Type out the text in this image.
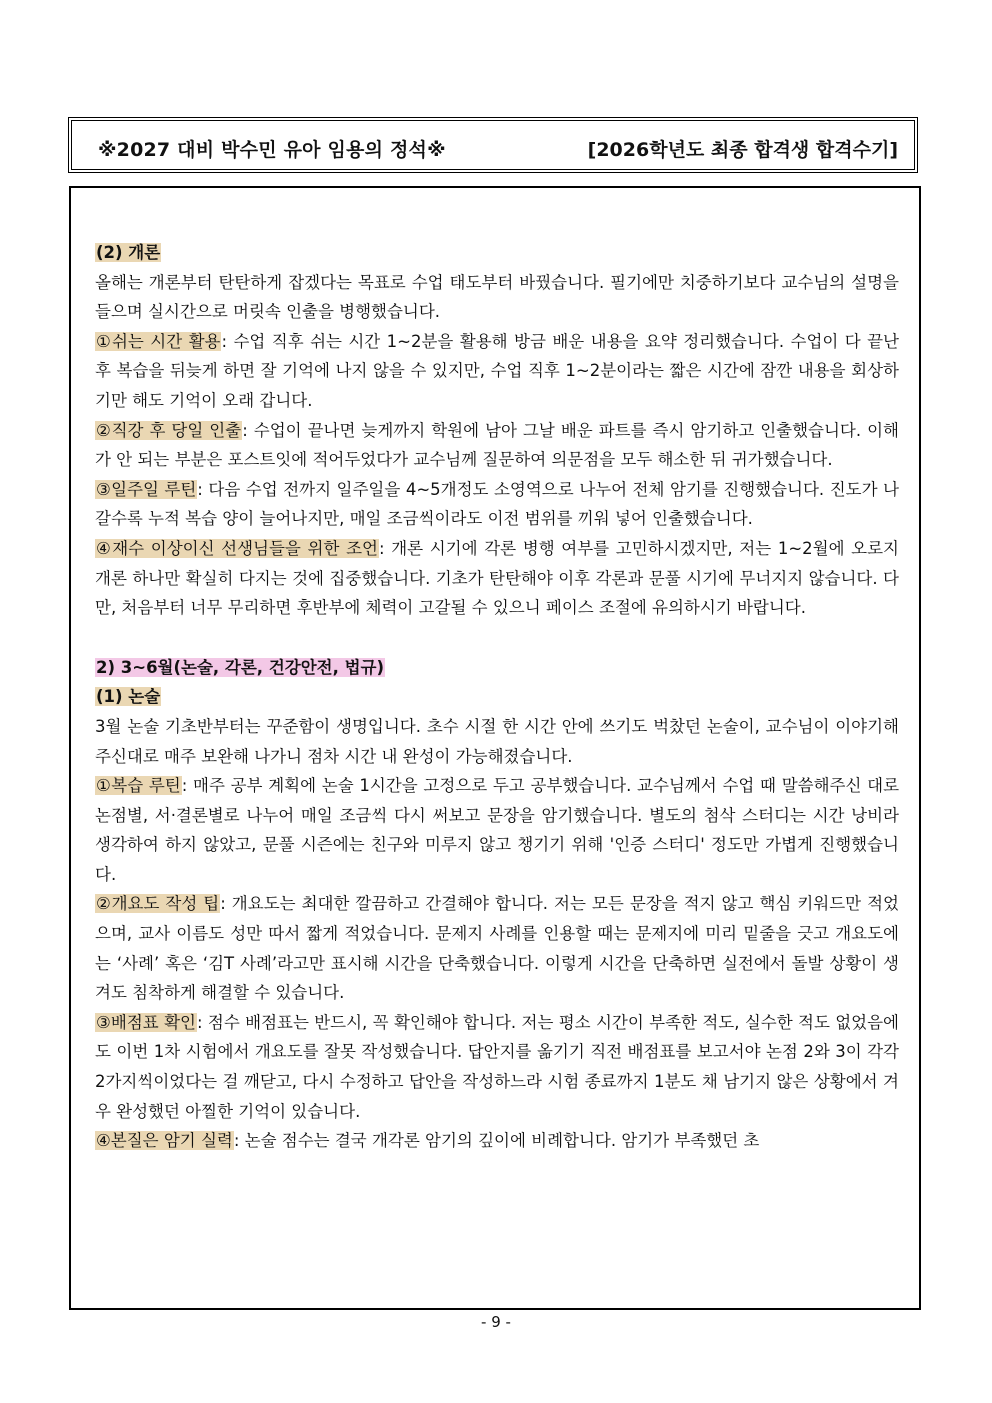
※2027 대비 박수민 유아 임용의 정석※	[2026학년도 최종 합격생 합격수기]

(2) 개론

올해는 개론부터 탄탄하게 잡겠다는 목표로 수업 태도부터 바꿨습니다. 필기에만 치중하기보다 교수님의 설명을 들으며 실시간으로 머릿속 인출을 병행했습니다.

①쉬는 시간 활용: 수업 직후 쉬는 시간 1~2분을 활용해 방금 배운 내용을 요약 정리했습니다. 수업이 다 끝난 후 복습을 뒤늦게 하면 잘 기억에 나지 않을 수 있지만, 수업 직후 1~2분이라는 짧은 시간에 잠깐 내용을 회상하기만 해도 기억이 오래 갑니다.

②직강 후 당일 인출: 수업이 끝나면 늦게까지 학원에 남아 그날 배운 파트를 즉시 암기하고 인출했습니다. 이해가 안 되는 부분은 포스트잇에 적어두었다가 교수님께 질문하여 의문점을 모두 해소한 뒤 귀가했습니다.

③일주일 루틴: 다음 수업 전까지 일주일을 4~5개정도 소영역으로 나누어 전체 암기를 진행했습니다. 진도가 나갈수록 누적 복습 양이 늘어나지만, 매일 조금씩이라도 이전 범위를 끼워 넣어 인출했습니다.

④재수 이상이신 선생님들을 위한 조언: 개론 시기에 각론 병행 여부를 고민하시겠지만, 저는 1~2월에 오로지 개론 하나만 확실히 다지는 것에 집중했습니다. 기초가 탄탄해야 이후 각론과 문풀 시기에 무너지지 않습니다. 다만, 처음부터 너무 무리하면 후반부에 체력이 고갈될 수 있으니 페이스 조절에 유의하시기 바랍니다.

2) 3~6월(논술, 각론, 건강안전, 법규)

(1) 논술

3월 논술 기초반부터는 꾸준함이 생명입니다. 초수 시절 한 시간 안에 쓰기도 벅찼던 논술이, 교수님이 이야기해주신대로 매주 보완해 나가니 점차 시간 내 완성이 가능해졌습니다.

①복습 루틴: 매주 공부 계획에 논술 1시간을 고정으로 두고 공부했습니다. 교수님께서 수업 때 말씀해주신 대로 논점별, 서·결론별로 나누어 매일 조금씩 다시 써보고 문장을 암기했습니다. 별도의 첨삭 스터디는 시간 낭비라 생각하여 하지 않았고, 문풀 시즌에는 친구와 미루지 않고 챙기기 위해 '인증 스터디' 정도만 가볍게 진행했습니다.

②개요도 작성 팁: 개요도는 최대한 깔끔하고 간결해야 합니다. 저는 모든 문장을 적지 않고 핵심 키워드만 적었으며, 교사 이름도 성만 따서 짧게 적었습니다. 문제지 사례를 인용할 때는 문제지에 미리 밑줄을 긋고 개요도에는 ‘사례’ 혹은 ‘김T 사례’라고만 표시해 시간을 단축했습니다. 이렇게 시간을 단축하면 실전에서 돌발 상황이 생겨도 침착하게 해결할 수 있습니다.

③배점표 확인: 점수 배점표는 반드시, 꼭 확인해야 합니다. 저는 평소 시간이 부족한 적도, 실수한 적도 없었음에도 이번 1차 시험에서 개요도를 잘못 작성했습니다. 답안지를 옮기기 직전 배점표를 보고서야 논점 2와 3이 각각 2가지씩이었다는 걸 깨닫고, 다시 수정하고 답안을 작성하느라 시험 종료까지 1분도 채 남기지 않은 상황에서 겨우 완성했던 아찔한 기억이 있습니다.

④본질은 암기 실력: 논술 점수는 결국 개각론 암기의 깊이에 비례합니다. 암기가 부족했던 초

- 9 -
